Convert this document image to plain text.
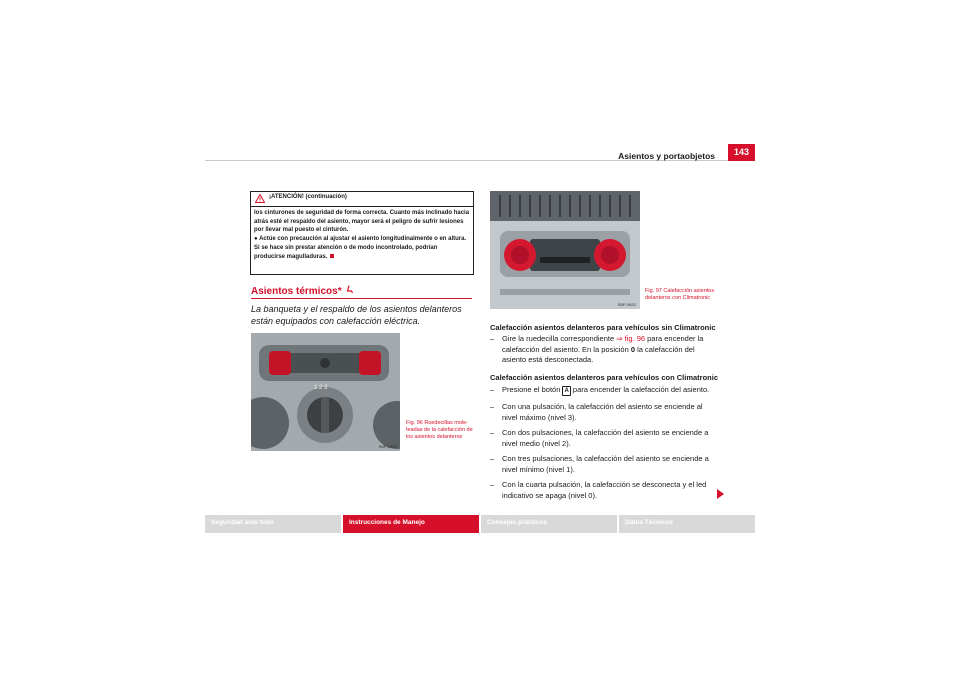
Asientos y portaobjetos	143
¡ATENCIÓN! (continuación)
los cinturones de seguridad de forma correcta. Cuanto más inclinado hacia atrás esté el respaldo del asiento, mayor será el peligro de sufrir lesiones por llevar mal puesto el cinturón.
● Actúe con precaución al ajustar el asiento longitudinalmente o en altura. Si se hace sin prestar atención o de modo incontrolado, podrían producirse magulladuras.
Asientos térmicos*
La banqueta y el respaldo de los asientos delanteros están equipados con calefacción eléctrica.
1 2 3
B5P-0486
Fig. 96 Ruedecillas mole-teadas de la calefacción de los asientos delanteros
B5P-0652
Fig. 97 Calefacción asientos delanteros con Climatronic
Calefacción asientos delanteros para vehículos sin Climatronic
– Gire la ruedecilla correspondiente ⇒ fig. 96 para encender la calefacción del asiento. En la posición 0 la calefacción del asiento está desconectada.
Calefacción asientos delanteros para vehículos con Climatronic
– Presione el botón A para encender la calefacción del asiento.
– Con una pulsación, la calefacción del asiento se enciende al nivel máximo (nivel 3).
– Con dos pulsaciones, la calefacción del asiento se enciende a nivel medio (nivel 2).
– Con tres pulsaciones, la calefacción del asiento se enciende a nivel mínimo (nivel 1).
– Con la cuarta pulsación, la calefacción se desconecta y el led indicativo se apaga (nivel 0).
Seguridad ante todo	Instrucciones de Manejo	Consejos prácticos	Datos Técnicos
